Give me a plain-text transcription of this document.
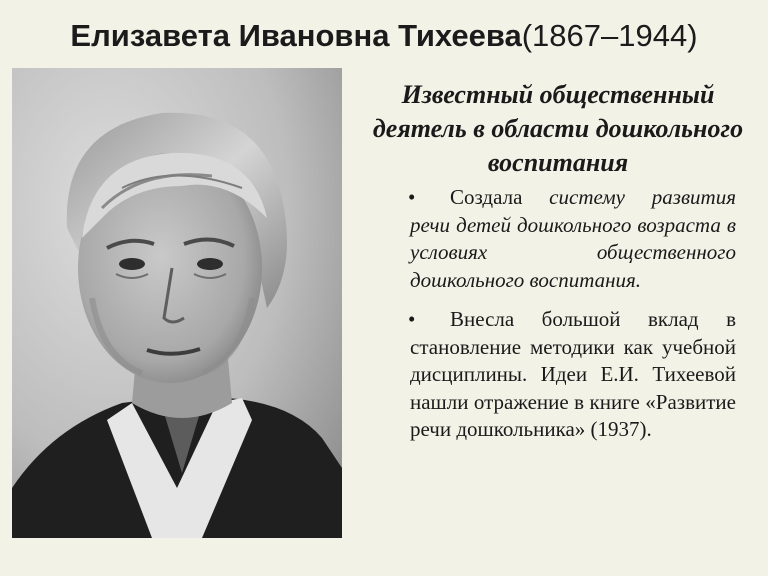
Елизавета Ивановна Тихеева(1867–1944)
Известный общественный деятель в области дошкольного воспитания
• Создала систему развития речи детей дошкольного возраста в условиях общественного дошкольного воспитания.
• Внесла большой вклад в становление методики как учебной дисциплины. Идеи Е.И. Тихеевой нашли отражение в книге «Развитие речи дошкольника» (1937).
